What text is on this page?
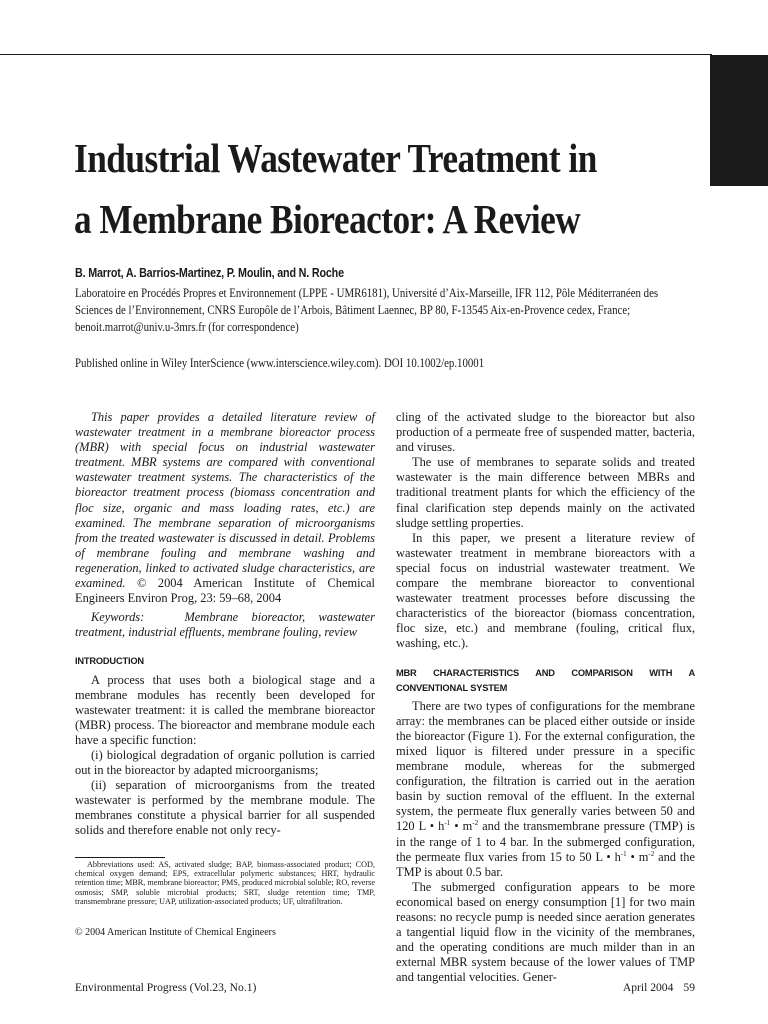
Industrial Wastewater Treatment in
a Membrane Bioreactor: A Review

B. Marrot, A. Barrios-Martinez, P. Moulin, and N. Roche

Laboratoire en Procédés Propres et Environnement (LPPE - UMR6181), Université d’Aix-Marseille, IFR 112, Pôle Méditerranéen des
Sciences de l’Environnement, CNRS Europôle de l’Arbois, Bâtiment Laennec, BP 80, F-13545 Aix-en-Provence cedex, France;
benoit.marrot@univ.u-3mrs.fr (for correspondence)

Published online in Wiley InterScience (www.interscience.wiley.com). DOI 10.1002/ep.10001

This paper provides a detailed literature review of wastewater treatment in a membrane bioreactor process (MBR) with special focus on industrial wastewater treatment. MBR systems are compared with conventional wastewater treatment systems. The characteristics of the bioreactor treatment process (biomass concentration and floc size, organic and mass loading rates, etc.) are examined. The membrane separation of microorganisms from the treated wastewater is discussed in detail. Problems of membrane fouling and membrane washing and regeneration, linked to activated sludge characteristics, are examined. © 2004 American Institute of Chemical Engineers Environ Prog, 23: 59–68, 2004

Keywords:	Membrane bioreactor, wastewater treatment, industrial effluents, membrane fouling, review

INTRODUCTION

A process that uses both a biological stage and a membrane modules has recently been developed for wastewater treatment: it is called the membrane bioreactor (MBR) process. The bioreactor and membrane module each have a specific function:

(i) biological degradation of organic pollution is carried out in the bioreactor by adapted microorganisms;

(ii) separation of microorganisms from the treated wastewater is performed by the membrane module. The membranes constitute a physical barrier for all suspended solids and therefore enable not only recy-

cling of the activated sludge to the bioreactor but also production of a permeate free of suspended matter, bacteria, and viruses.

The use of membranes to separate solids and treated wastewater is the main difference between MBRs and traditional treatment plants for which the efficiency of the final clarification step depends mainly on the activated sludge settling properties.

In this paper, we present a literature review of wastewater treatment in membrane bioreactors with a special focus on industrial wastewater treatment. We compare the membrane bioreactor to conventional wastewater treatment processes before discussing the characteristics of the bioreactor (biomass concentration, floc size, etc.) and membrane (fouling, critical flux, washing, etc.).

MBR CHARACTERISTICS AND COMPARISON WITH A CONVENTIONAL SYSTEM

There are two types of configurations for the membrane array: the membranes can be placed either outside or inside the bioreactor (Figure 1). For the external configuration, the mixed liquor is filtered under pressure in a specific membrane module, whereas for the submerged configuration, the filtration is carried out in the aeration basin by suction removal of the effluent. In the external system, the permeate flux generally varies between 50 and 120 L • $h^{-1}$ • $m^{-2}$ and the transmembrane pressure (TMP) is in the range of 1 to 4 bar. In the submerged configuration, the permeate flux varies from 15 to 50 L • $h^{-1}$ • $m^{-2}$ and the TMP is about 0.5 bar.

The submerged configuration appears to be more economical based on energy consumption [1] for two main reasons: no recycle pump is needed since aeration generates a tangential liquid flow in the vicinity of the membranes, and the operating conditions are much milder than in an external MBR system because of the lower values of TMP and tangential velocities. Gener-

Abbreviations used: AS, activated sludge; BAP, biomass-associated product; COD, chemical oxygen demand; EPS, extracellular polymeric substances; HRT, hydraulic retention time; MBR, membrane bioreactor; PMS, produced microbial soluble; RO, reverse osmosis; SMP, soluble microbial products; SRT, sludge retention time; TMP, transmembrane pressure; UAP, utilization-associated products; UF, ultrafiltration.

© 2004 American Institute of Chemical Engineers

Environmental Progress (Vol.23, No.1)	April 2004 59
